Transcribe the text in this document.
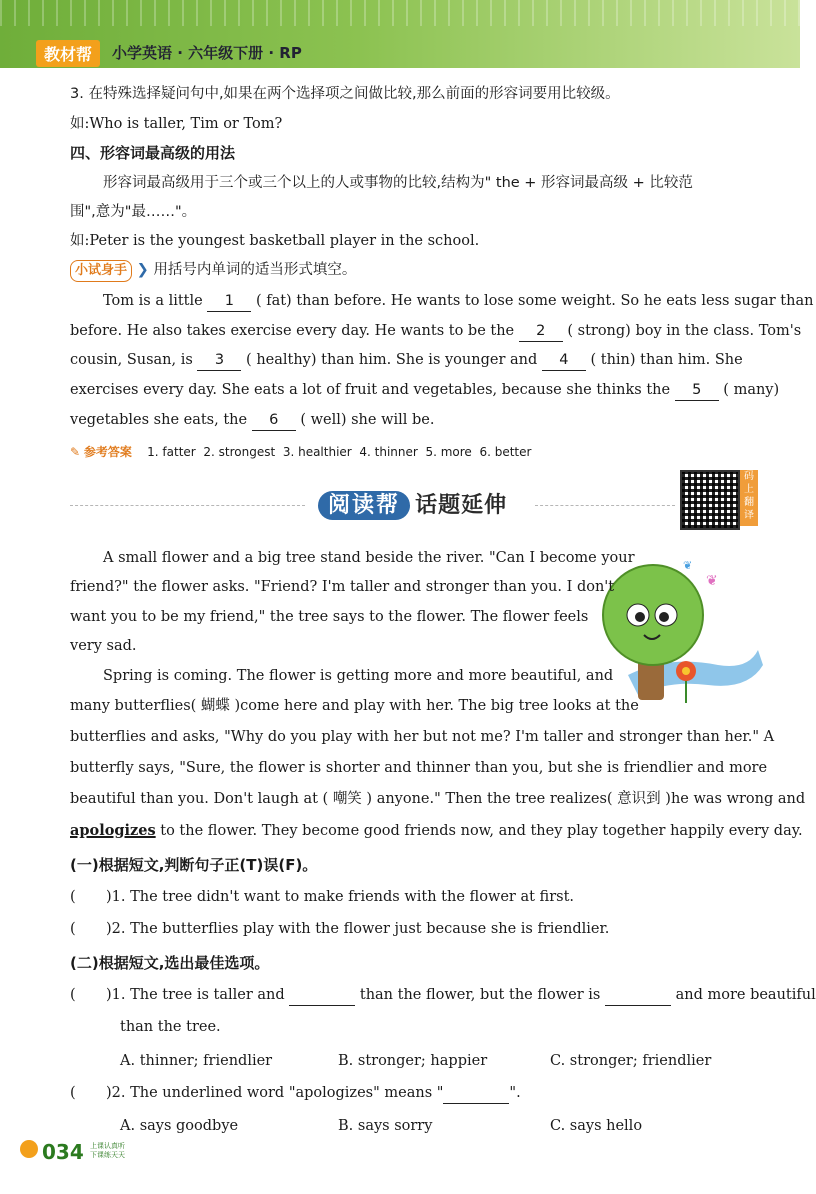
教材帮	小学英语 · 六年级下册 · RP
3. 在特殊选择疑问句中,如果在两个选择项之间做比较,那么前面的形容词要用比较级。
如:Who is taller, Tim or Tom?
四、形容词最高级的用法
形容词最高级用于三个或三个以上的人或事物的比较,结构为" the + 形容词最高级 + 比较范
围",意为"最……"。
如:Peter is the youngest basketball player in the school.
小试身手 ❯ 用括号内单词的适当形式填空。
Tom is a little 1 ( fat) than before. He wants to lose some weight. So he eats less sugar than
before. He also takes exercise every day. He wants to be the 2 ( strong) boy in the class. Tom's
cousin, Susan, is 3 ( healthy) than him. She is younger and 4 ( thin) than him. She
exercises every day. She eats a lot of fruit and vegetables, because she thinks the 5 ( many)
vegetables she eats, the 6 ( well) she will be.
✎ 参考答案 1. fatter 2. strongest 3. healthier 4. thinner 5. more 6. better
阅读帮 话题延伸
码上翻译
❦
❦
A small flower and a big tree stand beside the river. "Can I become your
friend?" the flower asks. "Friend? I'm taller and stronger than you. I don't
want you to be my friend," the tree says to the flower. The flower feels
very sad.
Spring is coming. The flower is getting more and more beautiful, and
many butterflies( 蝴蝶 )come here and play with her. The big tree looks at the
butterflies and asks, "Why do you play with her but not me? I'm taller and stronger than her." A
butterfly says, "Sure, the flower is shorter and thinner than you, but she is friendlier and more
beautiful than you. Don't laugh at ( 嘲笑 ) anyone." Then the tree realizes( 意识到 )he was wrong and
apologizes to the flower. They become good friends now, and they play together happily every day.
(一)根据短文,判断句子正(T)误(F)。
( )1. The tree didn't want to make friends with the flower at first.
( )2. The butterflies play with the flower just because she is friendlier.
(二)根据短文,选出最佳选项。
( )1. The tree is taller and	than the flower, but the flower is	and more beautiful
than the tree.
A. thinner; friendlier	B. stronger; happier	C. stronger; friendlier
( )2. The underlined word "apologizes" means "	".
A. says goodbye	B. says sorry	C. says hello
034 上课认真听
下课练天天
